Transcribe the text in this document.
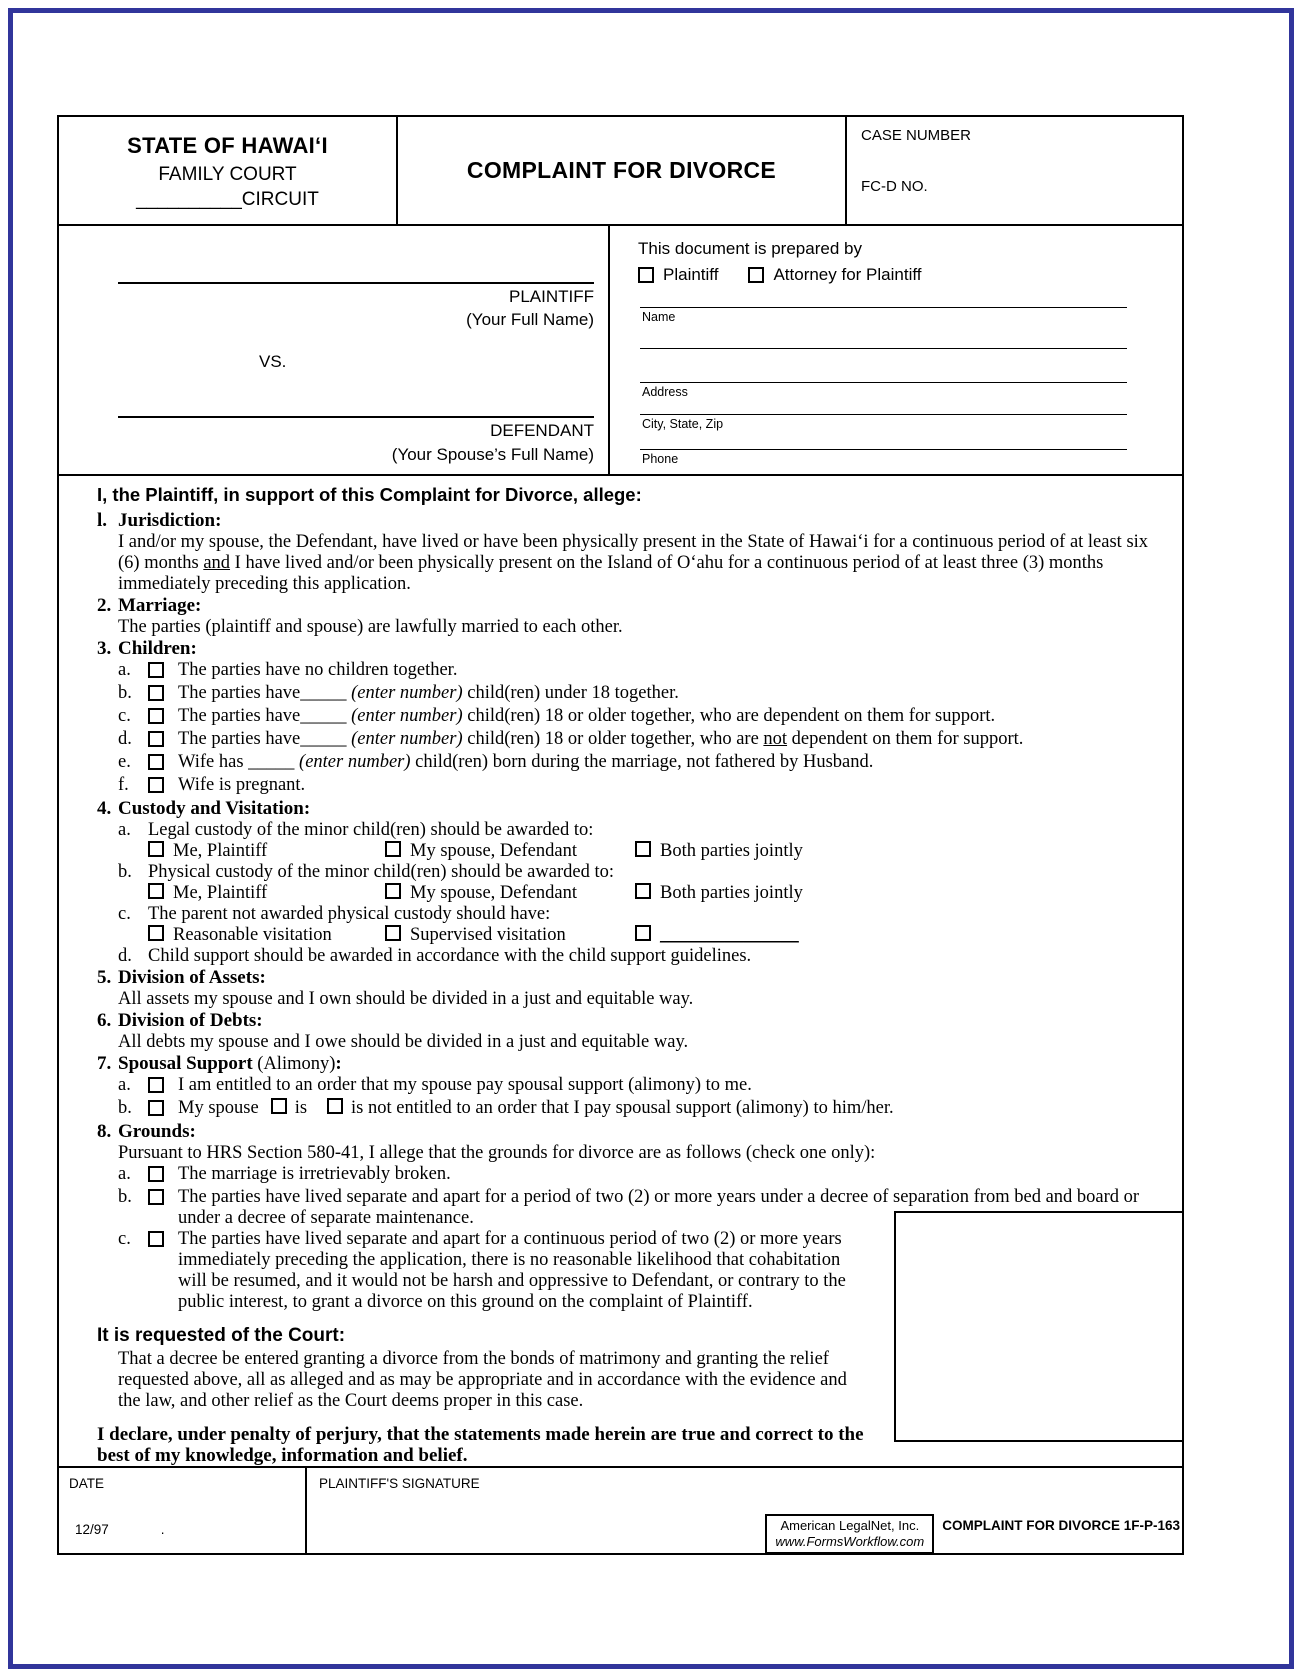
STATE OF HAWAI‘I
FAMILY COURT
__________CIRCUIT
COMPLAINT FOR DIVORCE
CASE NUMBER
FC-D NO.
PLAINTIFF
(Your Full Name)
VS.
DEFENDANT
(Your Spouse’s Full Name)
This document is prepared by
Plaintiff	Attorney for Plaintiff
Name
Address
City, State, Zip
Phone
I, the Plaintiff, in support of this Complaint for Divorce, allege:
l. Jurisdiction:
I and/or my spouse, the Defendant, have lived or have been physically present in the State of Hawai‘i for a continuous period of at least six (6) months and I have lived and/or been physically present on the Island of O‘ahu for a continuous period of at least three (3) months immediately preceding this application.
2. Marriage:
The parties (plaintiff and spouse) are lawfully married to each other.
3. Children:
a.	The parties have no children together.
b.	The parties have_____ (enter number) child(ren) under 18 together.
c.	The parties have_____ (enter number) child(ren) 18 or older together, who are dependent on them for support.
d.	The parties have_____ (enter number) child(ren) 18 or older together, who are not dependent on them for support.
e.	Wife has _____ (enter number) child(ren) born during the marriage, not fathered by Husband.
f.	Wife is pregnant.
4. Custody and Visitation:
a. Legal custody of the minor child(ren) should be awarded to:
Me, Plaintiff	My spouse, Defendant	Both parties jointly
b. Physical custody of the minor child(ren) should be awarded to:
Me, Plaintiff	My spouse, Defendant	Both parties jointly
c. The parent not awarded physical custody should have:
Reasonable visitation	Supervised visitation	_______________
d. Child support should be awarded in accordance with the child support guidelines.
5. Division of Assets:
All assets my spouse and I own should be divided in a just and equitable way.
6. Division of Debts:
All debts my spouse and I owe should be divided in a just and equitable way.
7. Spousal Support (Alimony):
a.	I am entitled to an order that my spouse pay spousal support (alimony) to me.
b.	My spouse is is not entitled to an order that I pay spousal support (alimony) to him/her.
8. Grounds:
Pursuant to HRS Section 580-41, I allege that the grounds for divorce are as follows (check one only):
a.	The marriage is irretrievably broken.
b.	The parties have lived separate and apart for a period of two (2) or more years under a decree of separation from bed and board or under a decree of separate maintenance.
c.	The parties have lived separate and apart for a continuous period of two (2) or more years immediately preceding the application, there is no reasonable likelihood that cohabitation will be resumed, and it would not be harsh and oppressive to Defendant, or contrary to the public interest, to grant a divorce on this ground on the complaint of Plaintiff.
It is requested of the Court:
That a decree be entered granting a divorce from the bonds of matrimony and granting the relief requested above, all as alleged and as may be appropriate and in accordance with the evidence and the law, and other relief as the Court deems proper in this case.
I declare, under penalty of perjury, that the statements made herein are true and correct to the best of my knowledge, information and belief.
DATE	PLAINTIFF'S SIGNATURE
12/97	.	American LegalNet, Inc.
www.FormsWorkflow.com
COMPLAINT FOR DIVORCE 1F-P-163
